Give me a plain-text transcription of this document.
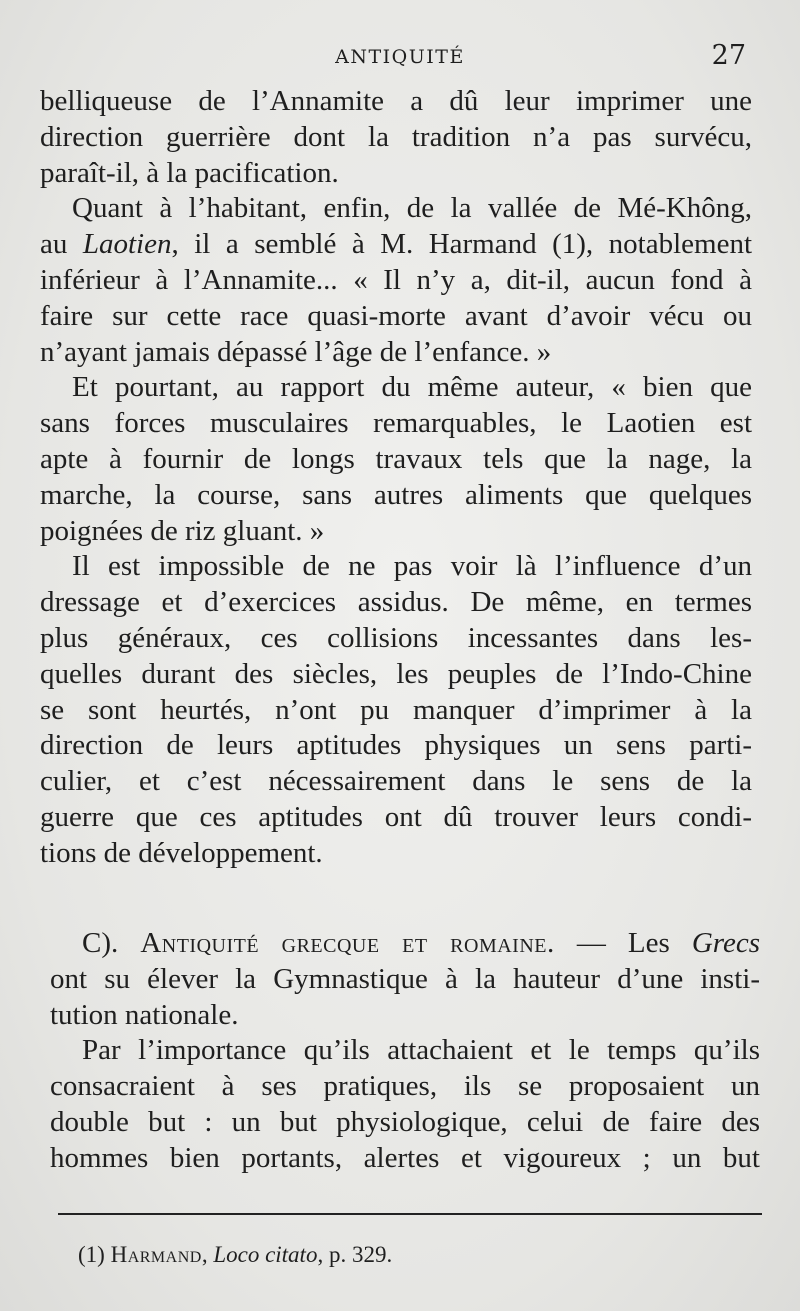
ANTIQUITÉ	27
belliqueuse de l’Annamite a dû leur imprimer une
direction guerrière dont la tradition n’a pas survécu,
paraît-il, à la pacification.
Quant à l’habitant, enfin, de la vallée de Mé-Không,
au Laotien, il a semblé à M. Harmand (1), notablement
inférieur à l’Annamite... « Il n’y a, dit-il, aucun fond à
faire sur cette race quasi-morte avant d’avoir vécu ou
n’ayant jamais dépassé l’âge de l’enfance. »
Et pourtant, au rapport du même auteur, « bien que
sans forces musculaires remarquables, le Laotien est
apte à fournir de longs travaux tels que la nage, la
marche, la course, sans autres aliments que quelques
poignées de riz gluant. »
Il est impossible de ne pas voir là l’influence d’un
dressage et d’exercices assidus. De même, en termes
plus généraux, ces collisions incessantes dans les-
quelles durant des siècles, les peuples de l’Indo-Chine
se sont heurtés, n’ont pu manquer d’imprimer à la
direction de leurs aptitudes physiques un sens parti-
culier, et c’est nécessairement dans le sens de la
guerre que ces aptitudes ont dû trouver leurs condi-
tions de développement.
C). Antiquité grecque et romaine. — Les Grecs
ont su élever la Gymnastique à la hauteur d’une insti-
tution nationale.
Par l’importance qu’ils attachaient et le temps qu’ils
consacraient à ses pratiques, ils se proposaient un
double but : un but physiologique, celui de faire des
hommes bien portants, alertes et vigoureux ; un but
(1) Harmand, Loco citato, p. 329.
